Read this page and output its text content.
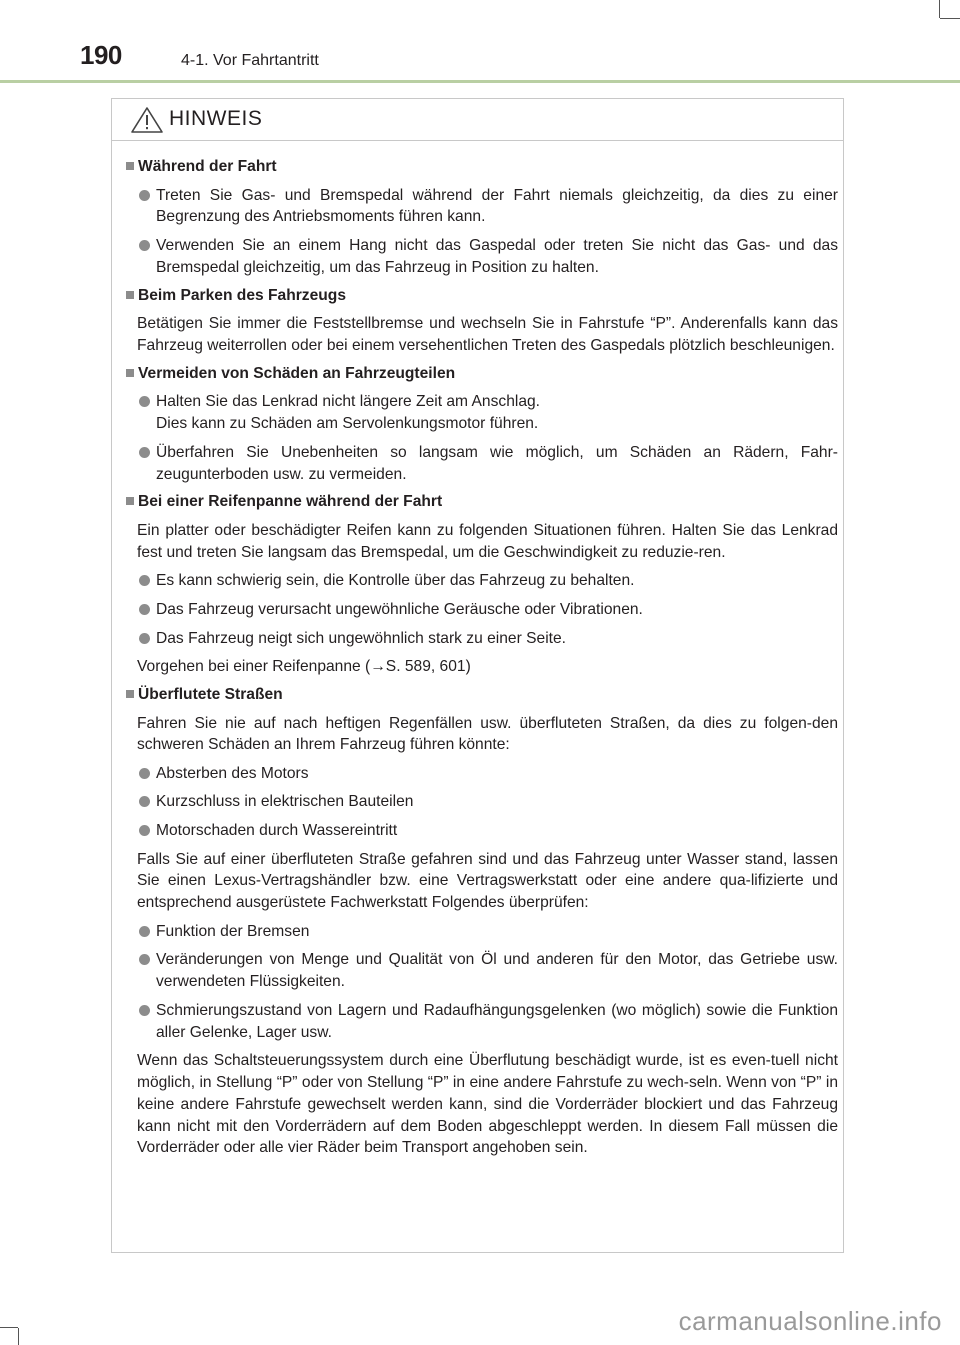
190	4-1. Vor Fahrtantritt
HINWEIS
Während der Fahrt
Treten Sie Gas- und Bremspedal während der Fahrt niemals gleichzeitig, da dies zu einer Begrenzung des Antriebsmoments führen kann.
Verwenden Sie an einem Hang nicht das Gaspedal oder treten Sie nicht das Gas- und das Bremspedal gleichzeitig, um das Fahrzeug in Position zu halten.
Beim Parken des Fahrzeugs
Betätigen Sie immer die Feststellbremse und wechseln Sie in Fahrstufe “P”. Anderenfalls kann das Fahrzeug weiterrollen oder bei einem versehentlichen Treten des Gaspedals plötzlich beschleunigen.
Vermeiden von Schäden an Fahrzeugteilen
Halten Sie das Lenkrad nicht längere Zeit am Anschlag.
Dies kann zu Schäden am Servolenkungsmotor führen.
Überfahren Sie Unebenheiten so langsam wie möglich, um Schäden an Rädern, Fahr-zeugunterboden usw. zu vermeiden.
Bei einer Reifenpanne während der Fahrt
Ein platter oder beschädigter Reifen kann zu folgenden Situationen führen. Halten Sie das Lenkrad fest und treten Sie langsam das Bremspedal, um die Geschwindigkeit zu reduzie-ren.
Es kann schwierig sein, die Kontrolle über das Fahrzeug zu behalten.
Das Fahrzeug verursacht ungewöhnliche Geräusche oder Vibrationen.
Das Fahrzeug neigt sich ungewöhnlich stark zu einer Seite.
Vorgehen bei einer Reifenpanne (→S. 589, 601)
Überflutete Straßen
Fahren Sie nie auf nach heftigen Regenfällen usw. überfluteten Straßen, da dies zu folgen-den schweren Schäden an Ihrem Fahrzeug führen könnte:
Absterben des Motors
Kurzschluss in elektrischen Bauteilen
Motorschaden durch Wassereintritt
Falls Sie auf einer überfluteten Straße gefahren sind und das Fahrzeug unter Wasser stand, lassen Sie einen Lexus-Vertragshändler bzw. eine Vertragswerkstatt oder eine andere qua-lifizierte und entsprechend ausgerüstete Fachwerkstatt Folgendes überprüfen:
Funktion der Bremsen
Veränderungen von Menge und Qualität von Öl und anderen für den Motor, das Getriebe usw. verwendeten Flüssigkeiten.
Schmierungszustand von Lagern und Radaufhängungsgelenken (wo möglich) sowie die Funktion aller Gelenke, Lager usw.
Wenn das Schaltsteuerungssystem durch eine Überflutung beschädigt wurde, ist es even-tuell nicht möglich, in Stellung “P” oder von Stellung “P” in eine andere Fahrstufe zu wech-seln. Wenn von “P” in keine andere Fahrstufe gewechselt werden kann, sind die Vorderräder blockiert und das Fahrzeug kann nicht mit den Vorderrädern auf dem Boden abgeschleppt werden. In diesem Fall müssen die Vorderräder oder alle vier Räder beim Transport angehoben sein.
carmanualsonline.info
